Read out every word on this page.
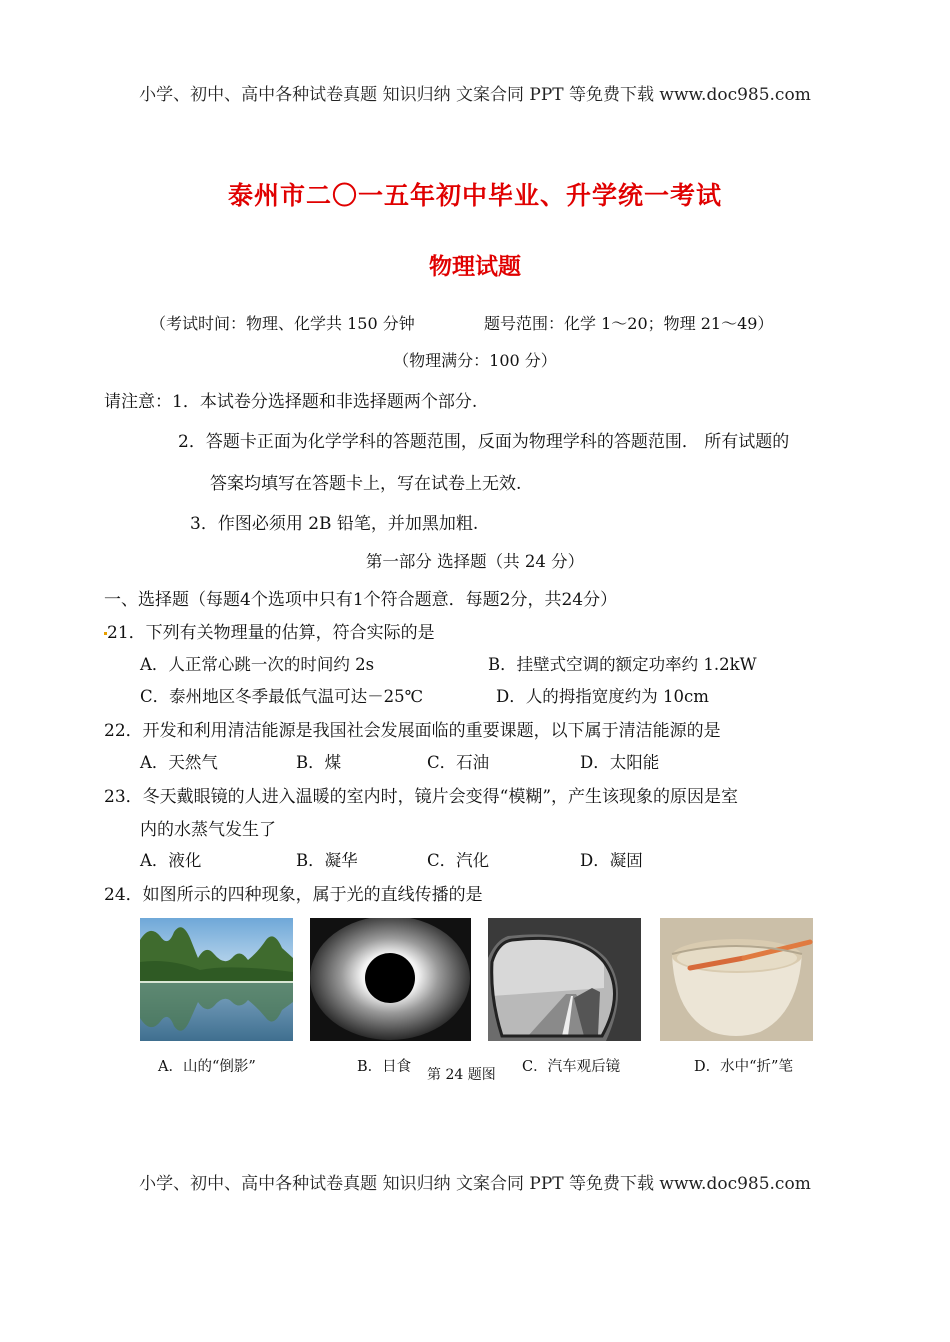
小学、初中、高中各种试卷真题 知识归纳 文案合同 PPT 等免费下载 www.doc985.com
泰州市二〇一五年初中毕业、升学统一考试
物理试题
（考试时间：物理、化学共 150 分钟	题号范围：化学 1～20；物理 21～49）
（物理满分：100 分）
请注意：1．本试卷分选择题和非选择题两个部分.
2．答题卡正面为化学学科的答题范围，反面为物理学科的答题范围． 所有试题的
答案均填写在答题卡上，写在试卷上无效.
3．作图必须用 2B 铅笔，并加黑加粗.
第一部分 选择题（共 24 分）
一、选择题（每题4个选项中只有1个符合题意．每题2分，共24分）
21．下列有关物理量的估算，符合实际的是
A．人正常心跳一次的时间约 2s	B．挂壁式空调的额定功率约 1.2kW
C．泰州地区冬季最低气温可达－25℃	D．人的拇指宽度约为 10cm
22．开发和利用清洁能源是我国社会发展面临的重要课题，以下属于清洁能源的是
A．天然气	B．煤	C．石油	D．太阳能
23．冬天戴眼镜的人进入温暖的室内时，镜片会变得“模糊”，产生该现象的原因是室
内的水蒸气发生了
A．液化	B．凝华	C．汽化	D．凝固
24．如图所示的四种现象，属于光的直线传播的是
A．山的“倒影”	B．日食 第 24 题图 C．汽车观后镜	D．水中“折”笔
小学、初中、高中各种试卷真题 知识归纳 文案合同 PPT 等免费下载 www.doc985.com
